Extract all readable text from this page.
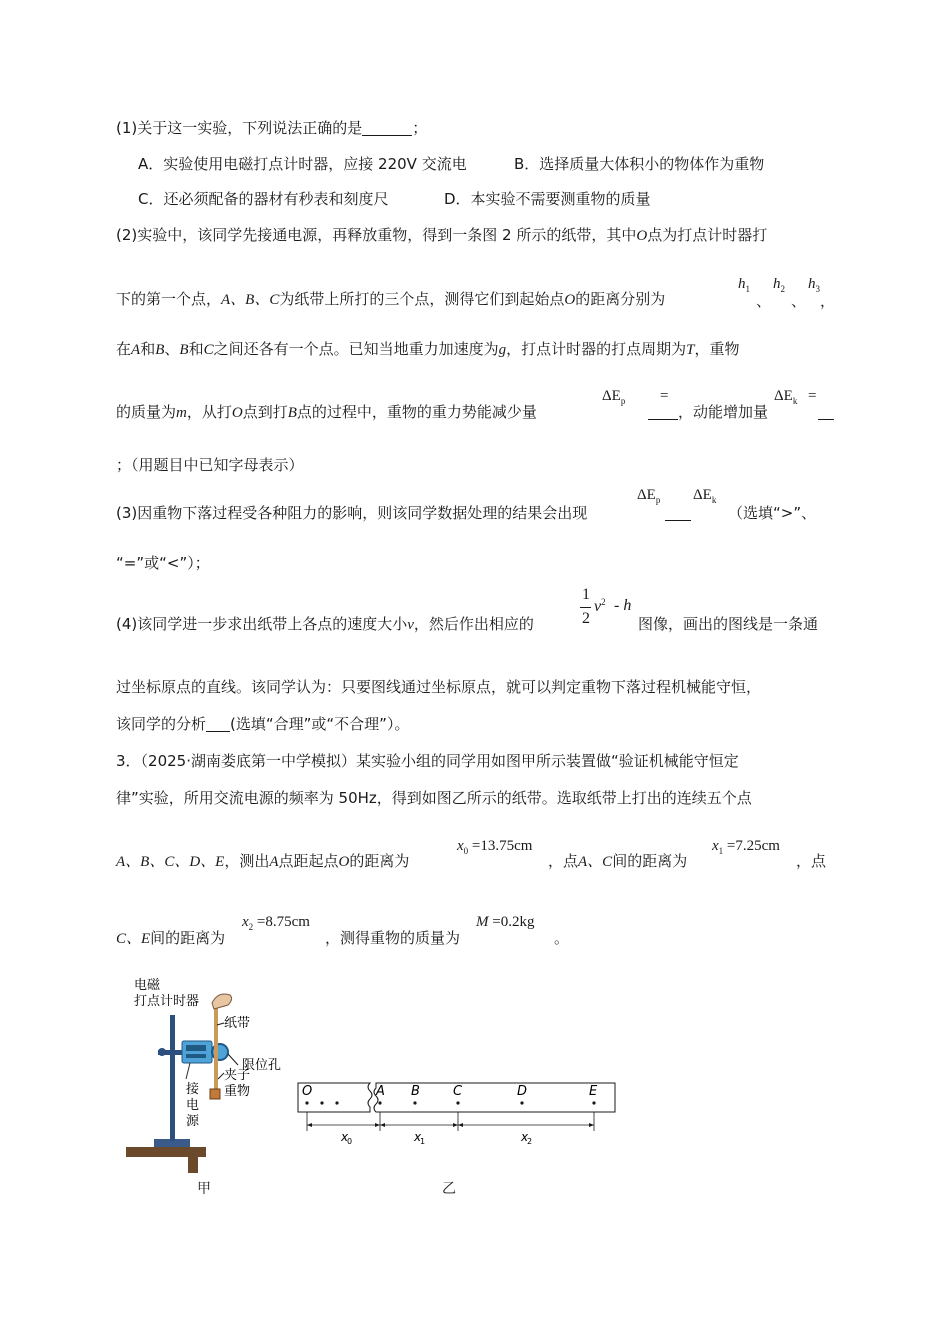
(1)关于这一实验，下列说法正确的是	；
A．实验使用电磁打点计时器，应接 220V 交流电	B．选择质量大体积小的物体作为重物
C．还必须配备的器材有秒表和刻度尺	D．本实验不需要测重物的质量
(2)实验中，该同学先接通电源，再释放重物，得到一条图 2 所示的纸带，其中O点为打点计时器打
下的第一个点，A、B、C为纸带上所打的三个点，测得它们到起始点O的距离分别为
$h_1$
、
$h_2$
、
$h_3$
，
在A和B、B和C之间还各有一个点。已知当地重力加速度为g，打点计时器的打点周期为T，重物
的质量为m，从打O点到打B点的过程中，重物的重力势能减少量
$\Delta E_p$ =
，动能增加量
$\Delta E_k$ =
；（用题目中已知字母表示）
(3)因重物下落过程受各种阻力的影响，则该同学数据处理的结果会出现
$\Delta E_p$ $\Delta E_k$
（选填“>”、
“=”或“<”）；
(4)该同学进一步求出纸带上各点的速度大小v，然后作出相应的
1
2
$v^2$ - h
图像，画出的图线是一条通
过坐标原点的直线。该同学认为：只要图线通过坐标原点，就可以判定重物下落过程机械能守恒，
该同学的分析 (选填“合理”或“不合理”）。
3．（2025·湖南娄底第一中学模拟）某实验小组的同学用如图甲所示装置做“验证机械能守恒定
律”实验，所用交流电源的频率为 50Hz，得到如图乙所示的纸带。选取纸带上打出的连续五个点
A、B、C、D、E，测出A点距起点O的距离为
$x_0 =13.75cm$
，点A、C间的距离为
$x_1 =7.25cm$
，点
C、E间的距离为
$x_2 =8.75cm$
，测得重物的质量为
M =0.2kg
。
电磁
打点计时器
纸带
限位孔
夹子
重物
接
电
源
甲
O	A B	C	D	E
x
0	x
1	x
2
乙
